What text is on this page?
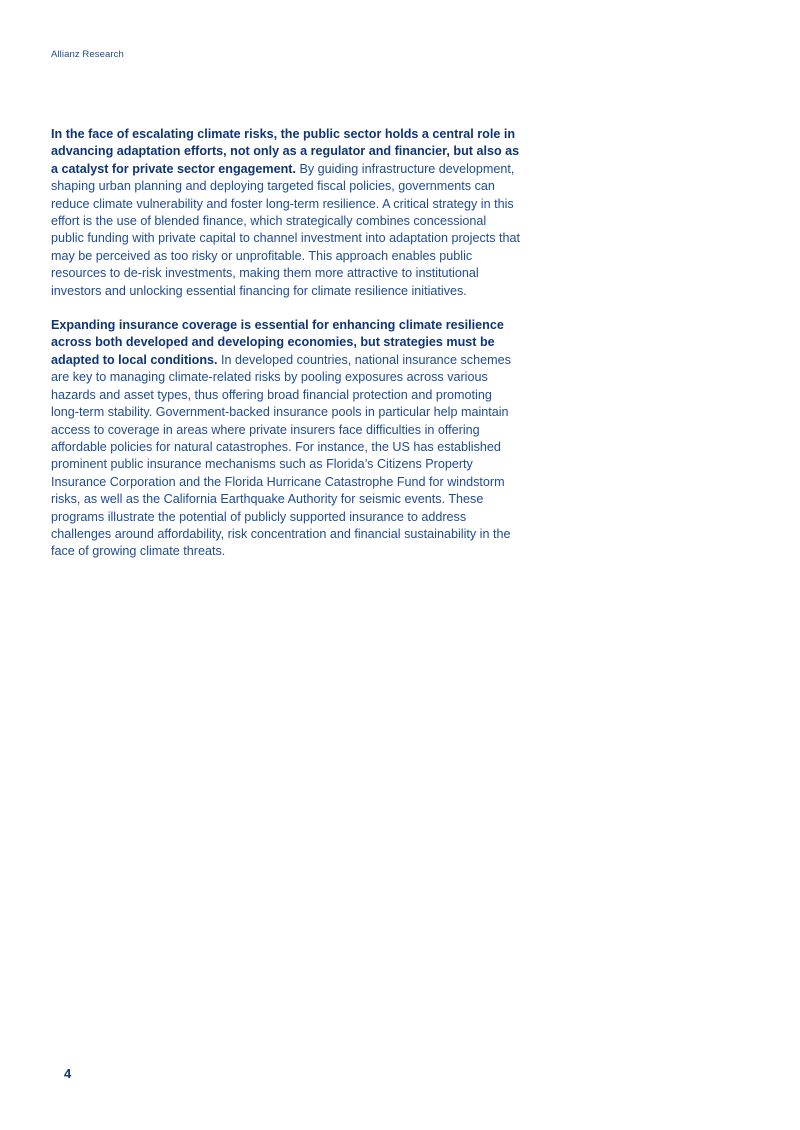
Allianz Research

In the face of escalating climate risks, the public sector holds a central role in advancing adaptation efforts, not only as a regulator and financier, but also as a catalyst for private sector engagement. By guiding infrastructure development, shaping urban planning and deploying targeted fiscal policies, governments can reduce climate vulnerability and foster long-term resilience. A critical strategy in this effort is the use of blended finance, which strategically combines concessional public funding with private capital to channel investment into adaptation projects that may be perceived as too risky or unprofitable. This approach enables public resources to de-risk investments, making them more attractive to institutional investors and unlocking essential financing for climate resilience initiatives.

Expanding insurance coverage is essential for enhancing climate resilience across both developed and developing economies, but strategies must be adapted to local conditions. In developed countries, national insurance schemes are key to managing climate-related risks by pooling exposures across various hazards and asset types, thus offering broad financial protection and promoting long-term stability. Government-backed insurance pools in particular help maintain access to coverage in areas where private insurers face difficulties in offering affordable policies for natural catastrophes. For instance, the US has established prominent public insurance mechanisms such as Florida’s Citizens Property Insurance Corporation and the Florida Hurricane Catastrophe Fund for windstorm risks, as well as the California Earthquake Authority for seismic events. These programs illustrate the potential of publicly supported insurance to address challenges around affordability, risk concentration and financial sustainability in the face of growing climate threats.

4
